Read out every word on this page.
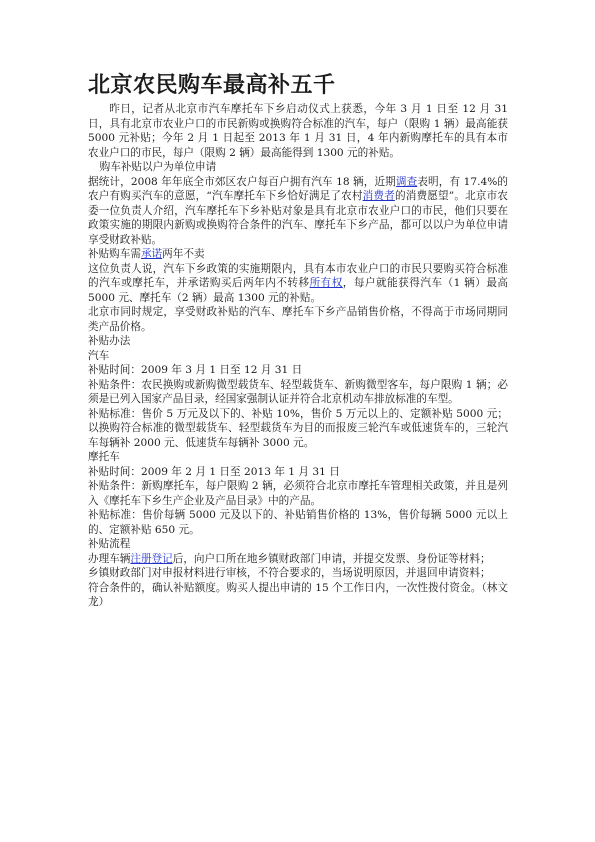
北京农民购车最高补五千

昨日，记者从北京市汽车摩托车下乡启动仪式上获悉，今年 3 月 1 日至 12 月 31 日，具有北京市农业户口的市民新购或换购符合标准的汽车，每户（限购 1 辆）最高能获 5000 元补贴；今年 2 月 1 日起至 2013 年 1 月 31 日，4 年内新购摩托车的具有本市农业户口的市民，每户（限购 2 辆）最高能得到 1300 元的补贴。

购车补贴以户为单位申请

据统计，2008 年年底全市郊区农户每百户拥有汽车 18 辆，近期调查表明，有 17.4%的农户有购买汽车的意愿，“汽车摩托车下乡恰好满足了农村消费者的消费愿望”。北京市农委一位负责人介绍，汽车摩托车下乡补贴对象是具有北京市农业户口的市民，他们只要在政策实施的期限内新购或换购符合条件的汽车、摩托车下乡产品，都可以以户为单位申请享受财政补贴。

补贴购车需承诺两年不卖

这位负责人说，汽车下乡政策的实施期限内，具有本市农业户口的市民只要购买符合标准的汽车或摩托车，并承诺购买后两年内不转移所有权，每户就能获得汽车（1 辆）最高 5000 元、摩托车（2 辆）最高 1300 元的补贴。

北京市同时规定，享受财政补贴的汽车、摩托车下乡产品销售价格，不得高于市场同期同类产品价格。

补贴办法

汽车

补贴时间：2009 年 3 月 1 日至 12 月 31 日

补贴条件：农民换购或新购微型载货车、轻型载货车、新购微型客车，每户限购 1 辆；必须是已列入国家产品目录，经国家强制认证并符合北京机动车排放标准的车型。

补贴标准：售价 5 万元及以下的、补贴 10%，售价 5 万元以上的、定额补贴 5000 元；以换购符合标准的微型载货车、轻型载货车为目的而报废三轮汽车或低速货车的，三轮汽车每辆补 2000 元、低速货车每辆补 3000 元。

摩托车

补贴时间：2009 年 2 月 1 日至 2013 年 1 月 31 日

补贴条件：新购摩托车，每户限购 2 辆，必须符合北京市摩托车管理相关政策，并且是列入《摩托车下乡生产企业及产品目录》中的产品。

补贴标准：售价每辆 5000 元及以下的、补贴销售价格的 13%，售价每辆 5000 元以上的、定额补贴 650 元。

补贴流程

办理车辆注册登记后，向户口所在地乡镇财政部门申请，并提交发票、身份证等材料；

乡镇财政部门对申报材料进行审核，不符合要求的，当场说明原因，并退回申请资料；

符合条件的，确认补贴额度。购买人提出申请的 15 个工作日内，一次性拨付资金。（林文龙）
